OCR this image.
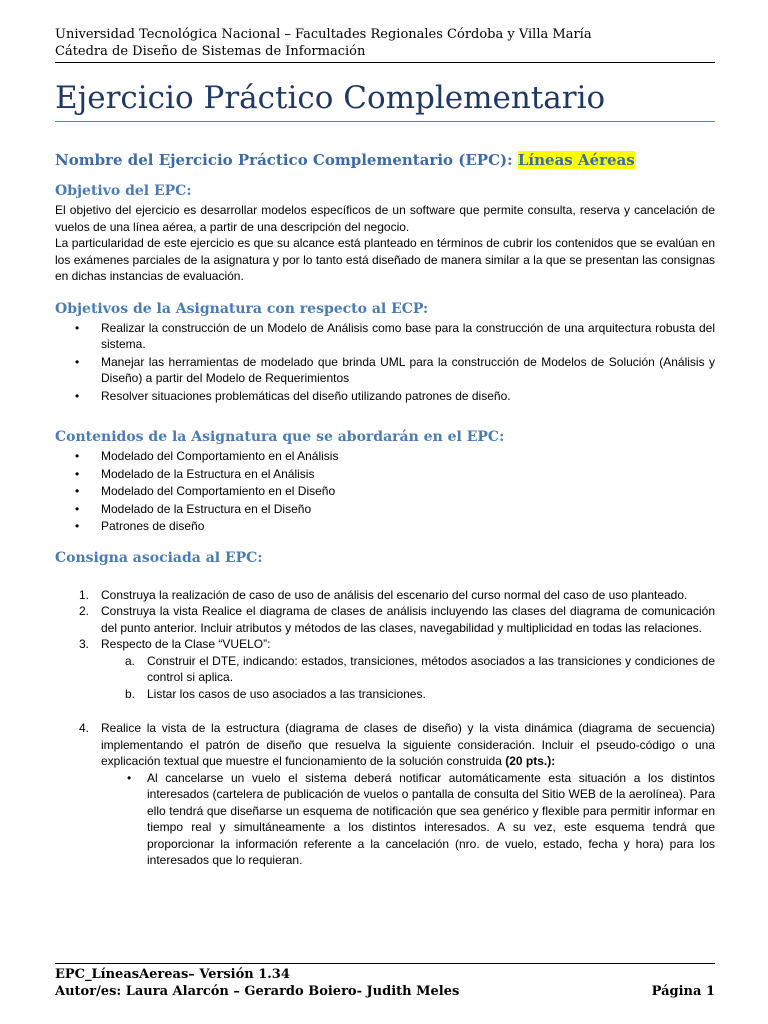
Universidad Tecnológica Nacional – Facultades Regionales Córdoba y Villa María
Cátedra de Diseño de Sistemas de Información
Ejercicio Práctico Complementario
Nombre del Ejercicio Práctico Complementario (EPC): Líneas Aéreas
Objetivo del EPC:

El objetivo del ejercicio es desarrollar modelos específicos de un software que permite consulta, reserva y cancelación de vuelos de una línea aérea, a partir de una descripción del negocio.

La particularidad de este ejercicio es que su alcance está planteado en términos de cubrir los contenidos que se evalúan en los exámenes parciales de la asignatura y por lo tanto está diseñado de manera similar a la que se presentan las consignas en dichas instancias de evaluación.

Objetivos de la Asignatura con respecto al ECP:
• Realizar la construcción de un Modelo de Análisis como base para la construcción de una arquitectura robusta del sistema.
• Manejar las herramientas de modelado que brinda UML para la construcción de Modelos de Solución (Análisis y Diseño) a partir del Modelo de Requerimientos
• Resolver situaciones problemáticas del diseño utilizando patrones de diseño.
Contenidos de la Asignatura que se abordarán en el EPC:
• Modelado del Comportamiento en el Análisis
• Modelado de la Estructura en el Análisis
• Modelado del Comportamiento en el Diseño
• Modelado de la Estructura en el Diseño
• Patrones de diseño
Consigna asociada al EPC:
1. Construya la realización de caso de uso de análisis del escenario del curso normal del caso de uso planteado.
2. Construya la vista Realice el diagrama de clases de análisis incluyendo las clases del diagrama de comunicación del punto anterior. Incluir atributos y métodos de las clases, navegabilidad y multiplicidad en todas las relaciones.
3. Respecto de la Clase “VUELO”:
a. Construir el DTE, indicando: estados, transiciones, métodos asociados a las transiciones y condiciones de control si aplica.
b. Listar los casos de uso asociados a las transiciones.
4. Realice la vista de la estructura (diagrama de clases de diseño) y la vista dinámica (diagrama de secuencia) implementando el patrón de diseño que resuelva la siguiente consideración. Incluir el pseudo-código o una explicación textual que muestre el funcionamiento de la solución construida (20 pts.):
• Al cancelarse un vuelo el sistema deberá notificar automáticamente esta situación a los distintos interesados (cartelera de publicación de vuelos o pantalla de consulta del Sitio WEB de la aerolínea). Para ello tendrá que diseñarse un esquema de notificación que sea genérico y flexible para permitir informar en tiempo real y simultáneamente a los distintos interesados. A su vez, este esquema tendrá que proporcionar la información referente a la cancelación (nro. de vuelo, estado, fecha y hora) para los interesados que lo requieran.
EPC_LíneasAereas– Versión 1.34
Autor/es: Laura Alarcón – Gerardo Boiero- Judith Meles	Página 1
